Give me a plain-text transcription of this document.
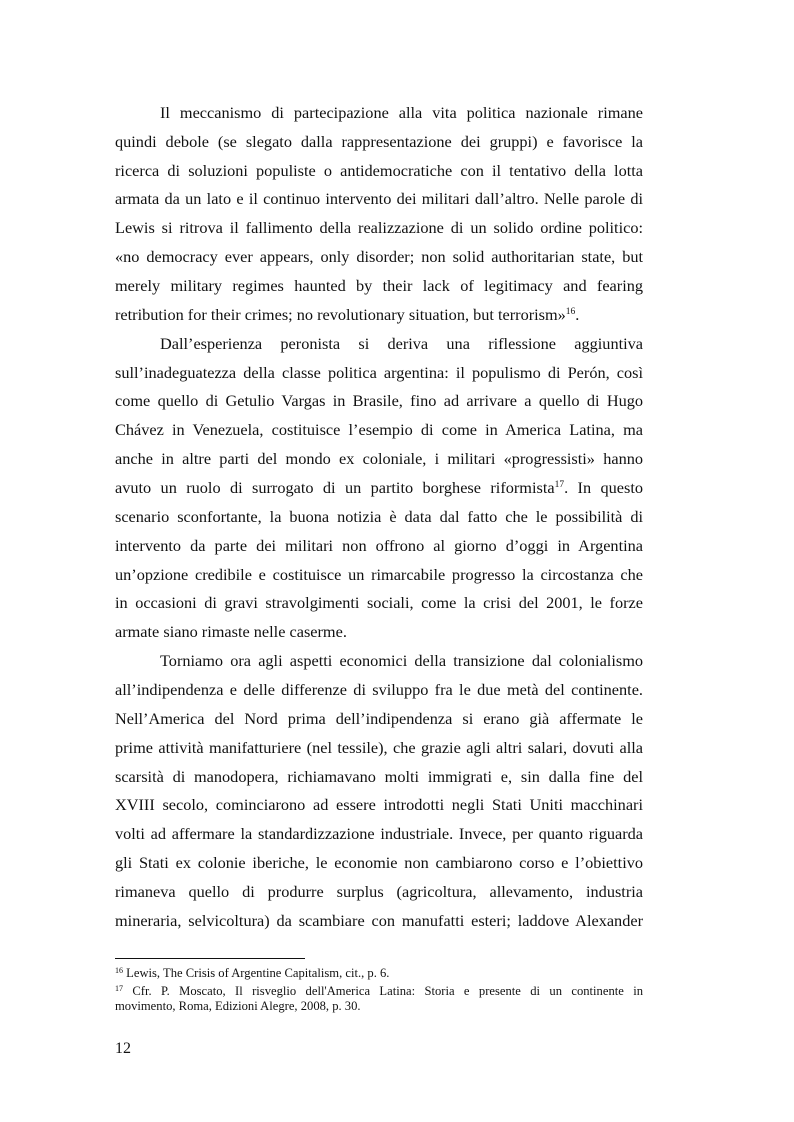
Il meccanismo di partecipazione alla vita politica nazionale rimane

quindi debole (se slegato dalla rappresentazione dei gruppi) e favorisce la

ricerca di soluzioni populiste o antidemocratiche con il tentativo della lotta

armata da un lato e il continuo intervento dei militari dall’altro. Nelle parole di

Lewis si ritrova il fallimento della realizzazione di un solido ordine politico:

«no democracy ever appears, only disorder; non solid authoritarian state, but

merely military regimes haunted by their lack of legitimacy and fearing

retribution for their crimes; no revolutionary situation, but terrorism»$^{16}$.

Dall’esperienza peronista si deriva una riflessione aggiuntiva

sull’inadeguatezza della classe politica argentina: il populismo di Perón, così

come quello di Getulio Vargas in Brasile, fino ad arrivare a quello di Hugo

Chávez in Venezuela, costituisce l’esempio di come in America Latina, ma

anche in altre parti del mondo ex coloniale, i militari «progressisti» hanno

avuto un ruolo di surrogato di un partito borghese riformista$^{17}$. In questo

scenario sconfortante, la buona notizia è data dal fatto che le possibilità di

intervento da parte dei militari non offrono al giorno d’oggi in Argentina

un’opzione credibile e costituisce un rimarcabile progresso la circostanza che

in occasioni di gravi stravolgimenti sociali, come la crisi del 2001, le forze

armate siano rimaste nelle caserme.

Torniamo ora agli aspetti economici della transizione dal colonialismo

all’indipendenza e delle differenze di sviluppo fra le due metà del continente.

Nell’America del Nord prima dell’indipendenza si erano già affermate le

prime attività manifatturiere (nel tessile), che grazie agli altri salari, dovuti alla

scarsità di manodopera, richiamavano molti immigrati e, sin dalla fine del

XVIII secolo, cominciarono ad essere introdotti negli Stati Uniti macchinari

volti ad affermare la standardizzazione industriale. Invece, per quanto riguarda

gli Stati ex colonie iberiche, le economie non cambiarono corso e l’obiettivo

rimaneva quello di produrre surplus (agricoltura, allevamento, industria

mineraria, selvicoltura) da scambiare con manufatti esteri; laddove Alexander

$^{16}$ Lewis, The Crisis of Argentine Capitalism, cit., p. 6.

$^{17}$ Cfr. P. Moscato, Il risveglio dell'America Latina: Storia e presente di un continente in

movimento, Roma, Edizioni Alegre, 2008, p. 30.

12
